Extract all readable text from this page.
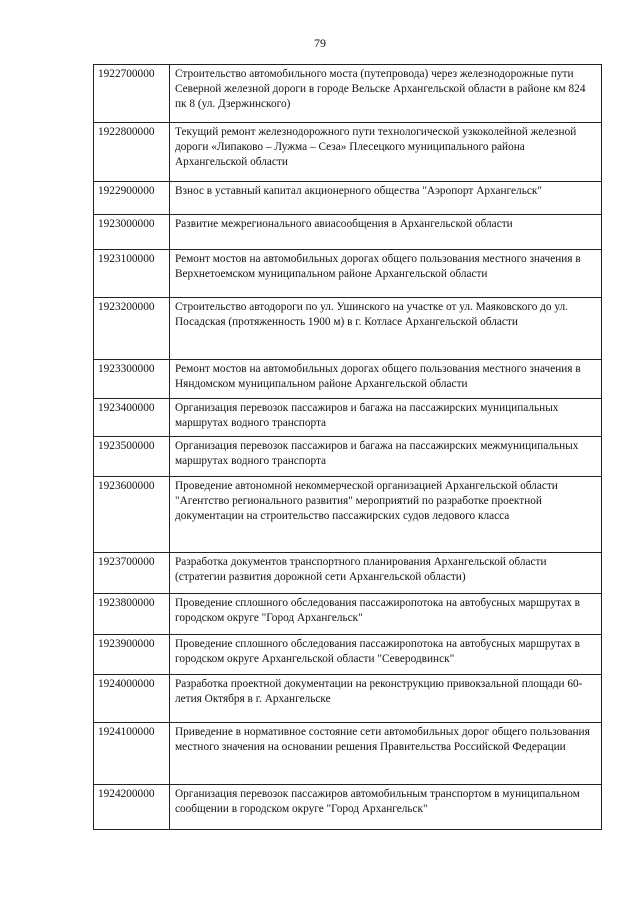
79
1922700000	Строительство автомобильного моста (путепровода) через железнодорожные пути Северной железной дороги в городе Вельске Архангельской области в районе км 824 пк 8 (ул. Дзержинского)
1922800000	Текущий ремонт железнодорожного пути технологической узкоколейной железной дороги «Липаково – Лужма – Сеза» Плесецкого муниципального района Архангельской области
1922900000	Взнос в уставный капитал акционерного общества "Аэропорт Архангельск"
1923000000	Развитие межрегионального авиасообщения в Архангельской области
1923100000	Ремонт мостов на автомобильных дорогах общего пользования местного значения в Верхнетоемском муниципальном районе Архангельской области
1923200000	Строительство автодороги по ул. Ушинского на участке от ул. Маяковского до ул. Посадская (протяженность 1900 м) в г. Котласе Архангельской области
1923300000	Ремонт мостов на автомобильных дорогах общего пользования местного значения в Няндомском муниципальном районе Архангельской области
1923400000	Организация перевозок пассажиров и багажа на пассажирских муниципальных маршрутах водного транспорта
1923500000	Организация перевозок пассажиров и багажа на пассажирских межмуниципальных маршрутах водного транспорта
1923600000	Проведение автономной некоммерческой организацией Архангельской области "Агентство регионального развития" мероприятий по разработке проектной документации на строительство пассажирских судов ледового класса
1923700000	Разработка документов транспортного планирования Архангельской области (стратегии развития дорожной сети Архангельской области)
1923800000	Проведение сплошного обследования пассажиропотока на автобусных маршрутах в городском округе "Город Архангельск"
1923900000	Проведение сплошного обследования пассажиропотока на автобусных маршрутах в городском округе Архангельской области "Северодвинск"
1924000000	Разработка проектной документации на реконструкцию привокзальной площади 60-летия Октября в г. Архангельске
1924100000	Приведение в нормативное состояние сети автомобильных дорог общего пользования местного значения на основании решения Правительства Российской Федерации
1924200000	Организация перевозок пассажиров автомобильным транспортом в муниципальном сообщении в городском округе "Город Архангельск"
